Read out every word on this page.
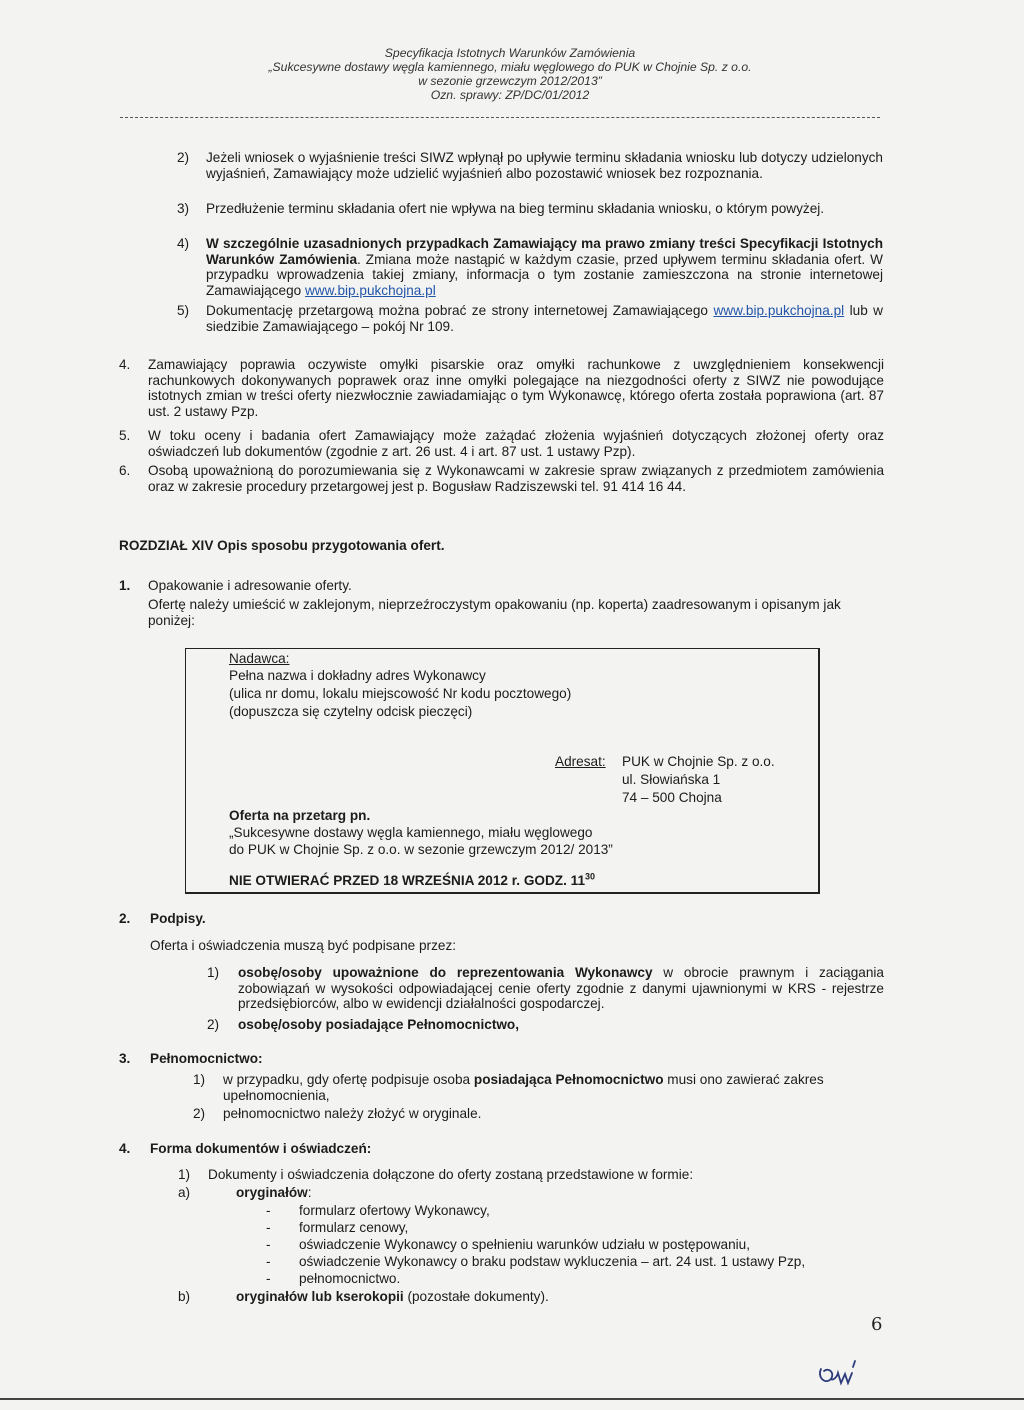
Specyfikacja Istotnych Warunków Zamówienia
„Sukcesywne dostawy węgla kamiennego, miału węglowego do PUK w Chojnie Sp. z o.o.
w sezonie grzewczym 2012/2013”
Ozn. sprawy: ZP/DC/01/2012
2) Jeżeli wniosek o wyjaśnienie treści SIWZ wpłynął po upływie terminu składania wniosku lub dotyczy udzielonych wyjaśnień, Zamawiający może udzielić wyjaśnień albo pozostawić wniosek bez rozpoznania.
3) Przedłużenie terminu składania ofert nie wpływa na bieg terminu składania wniosku, o którym powyżej.
4) W szczególnie uzasadnionych przypadkach Zamawiający ma prawo zmiany treści Specyfikacji Istotnych Warunków Zamówienia. Zmiana może nastąpić w każdym czasie, przed upływem terminu składania ofert. W przypadku wprowadzenia takiej zmiany, informacja o tym zostanie zamieszczona na stronie internetowej Zamawiającego www.bip.pukchojna.pl
5) Dokumentację przetargową można pobrać ze strony internetowej Zamawiającego www.bip.pukchojna.pl lub w siedzibie Zamawiającego – pokój Nr 109.
4. Zamawiający poprawia oczywiste omyłki pisarskie oraz omyłki rachunkowe z uwzględnieniem konsekwencji rachunkowych dokonywanych poprawek oraz inne omyłki polegające na niezgodności oferty z SIWZ nie powodujące istotnych zmian w treści oferty niezwłocznie zawiadamiając o tym Wykonawcę, którego oferta została poprawiona (art. 87 ust. 2 ustawy Pzp.
5. W toku oceny i badania ofert Zamawiający może zażądać złożenia wyjaśnień dotyczących złożonej oferty oraz oświadczeń lub dokumentów (zgodnie z art. 26 ust. 4 i art. 87 ust. 1 ustawy Pzp).
6. Osobą upoważnioną do porozumiewania się z Wykonawcami w zakresie spraw związanych z przedmiotem zamówienia oraz w zakresie procedury przetargowej jest p. Bogusław Radziszewski tel. 91 414 16 44.
ROZDZIAŁ XIV Opis sposobu przygotowania ofert.
1. Opakowanie i adresowanie oferty.
Ofertę należy umieścić w zaklejonym, nieprzeźroczystym opakowaniu (np. koperta) zaadresowanym i opisanym jak poniżej:
Nadawca:
Pełna nazwa i dokładny adres Wykonawcy
(ulica nr domu, lokalu miejscowość Nr kodu pocztowego)
(dopuszcza się czytelny odcisk pieczęci)
Adresat: PUK w Chojnie Sp. z o.o.
ul. Słowiańska 1
74 – 500 Chojna
Oferta na przetarg pn.
„Sukcesywne dostawy węgla kamiennego, miału węglowego
do PUK w Chojnie Sp. z o.o. w sezonie grzewczym 2012/ 2013”
NIE OTWIERAĆ PRZED 18 WRZEŚNIA 2012 r. GODZ. $11^{30}$
2. Podpisy.
Oferta i oświadczenia muszą być podpisane przez:
1) osobę/osoby upoważnione do reprezentowania Wykonawcy w obrocie prawnym i zaciągania zobowiązań w wysokości odpowiadającej cenie oferty zgodnie z danymi ujawnionymi w KRS - rejestrze przedsiębiorców, albo w ewidencji działalności gospodarczej.
2) osobę/osoby posiadające Pełnomocnictwo,
3. Pełnomocnictwo:
1) w przypadku, gdy ofertę podpisuje osoba posiadająca Pełnomocnictwo musi ono zawierać zakres upełnomocnienia,
2) pełnomocnictwo należy złożyć w oryginale.
4. Forma dokumentów i oświadczeń:
1) Dokumenty i oświadczenia dołączone do oferty zostaną przedstawione w formie:
a)	oryginałów:
- formularz ofertowy Wykonawcy,
- formularz cenowy,
- oświadczenie Wykonawcy o spełnieniu warunków udziału w postępowaniu,
- oświadczenie Wykonawcy o braku podstaw wykluczenia – art. 24 ust. 1 ustawy Pzp,
- pełnomocnictwo.
b)	oryginałów lub kserokopii (pozostałe dokumenty).
6
